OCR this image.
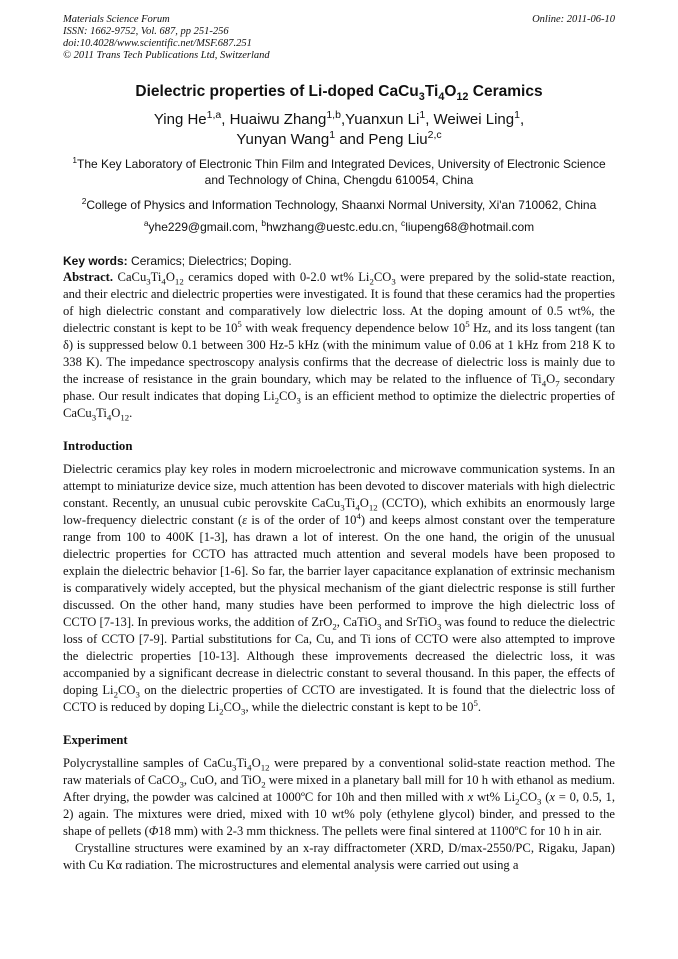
Materials Science Forum	Online: 2011-06-10
ISSN: 1662-9752, Vol. 687, pp 251-256
doi:10.4028/www.scientific.net/MSF.687.251
© 2011 Trans Tech Publications Ltd, Switzerland
Dielectric properties of Li-doped $CaCu_3Ti_4O_{12}$ Ceramics
Ying He$^{1,a}$, Huaiwu Zhang$^{1,b}$,Yuanxun Li$^1$, Weiwei Ling$^1$,
Yunyan Wang$^1$ and Peng Liu$^{2,c}$
$^1$The Key Laboratory of Electronic Thin Film and Integrated Devices, University of Electronic Science and Technology of China, Chengdu 610054, China
$^2$College of Physics and Information Technology, Shaanxi Normal University, Xi'an 710062, China
$^a$yhe229@gmail.com, $^b$hwzhang@uestc.edu.cn, $^c$liupeng68@hotmail.com
Key words: Ceramics; Dielectrics; Doping.

Abstract. $CaCu_3Ti_4O_{12}$ ceramics doped with 0-2.0 wt% $Li_2CO_3$ were prepared by the solid-state reaction, and their electric and dielectric properties were investigated. It is found that these ceramics had the properties of high dielectric constant and comparatively low dielectric loss. At the doping amount of 0.5 wt%, the dielectric constant is kept to be $10^5$ with weak frequency dependence below $10^5$ Hz, and its loss tangent (tan δ) is suppressed below 0.1 between 300 Hz-5 kHz (with the minimum value of 0.06 at 1 kHz from 218 K to 338 K). The impedance spectroscopy analysis confirms that the decrease of dielectric loss is mainly due to the increase of resistance in the grain boundary, which may be related to the influence of $Ti_4O_7$ secondary phase. Our result indicates that doping $Li_2CO_3$ is an efficient method to optimize the dielectric properties of $CaCu_3Ti_4O_{12}$.

Introduction

Dielectric ceramics play key roles in modern microelectronic and microwave communication systems. In an attempt to miniaturize device size, much attention has been devoted to discover materials with high dielectric constant. Recently, an unusual cubic perovskite $CaCu_3Ti_4O_{12}$ (CCTO), which exhibits an enormously large low-frequency dielectric constant (ε is of the order of $10^4$) and keeps almost constant over the temperature range from 100 to 400K [1-3], has drawn a lot of interest. On the one hand, the origin of the unusual dielectric properties for CCTO has attracted much attention and several models have been proposed to explain the dielectric behavior [1-6]. So far, the barrier layer capacitance explanation of extrinsic mechanism is comparatively widely accepted, but the physical mechanism of the giant dielectric response is still further discussed. On the other hand, many studies have been performed to improve the high dielectric loss of CCTO [7-13]. In previous works, the addition of ZrO$_2$, CaTiO$_3$ and SrTiO$_3$ was found to reduce the dielectric loss of CCTO [7-9]. Partial substitutions for Ca, Cu, and Ti ions of CCTO were also attempted to improve the dielectric properties [10-13]. Although these improvements decreased the dielectric loss, it was accompanied by a significant decrease in dielectric constant to several thousand. In this paper, the effects of doping $Li_2CO_3$ on the dielectric properties of CCTO are investigated. It is found that the dielectric loss of CCTO is reduced by doping $Li_2CO_3$, while the dielectric constant is kept to be $10^5$.

Experiment

Polycrystalline samples of $CaCu_3Ti_4O_{12}$ were prepared by a conventional solid-state reaction method. The raw materials of CaCO$_3$, CuO, and TiO$_2$ were mixed in a planetary ball mill for 10 h with ethanol as medium. After drying, the powder was calcined at 1000ºC for 10h and then milled with x wt% $Li_2CO_3$ (x = 0, 0.5, 1, 2) again. The mixtures were dried, mixed with 10 wt% poly (ethylene glycol) binder, and pressed to the shape of pellets (Φ18 mm) with 2-3 mm thickness. The pellets were final sintered at 1100ºC for 10 h in air.

Crystalline structures were examined by an x-ray diffractometer (XRD, D/max-2550/PC, Rigaku, Japan) with Cu Kα radiation. The microstructures and elemental analysis were carried out using a
